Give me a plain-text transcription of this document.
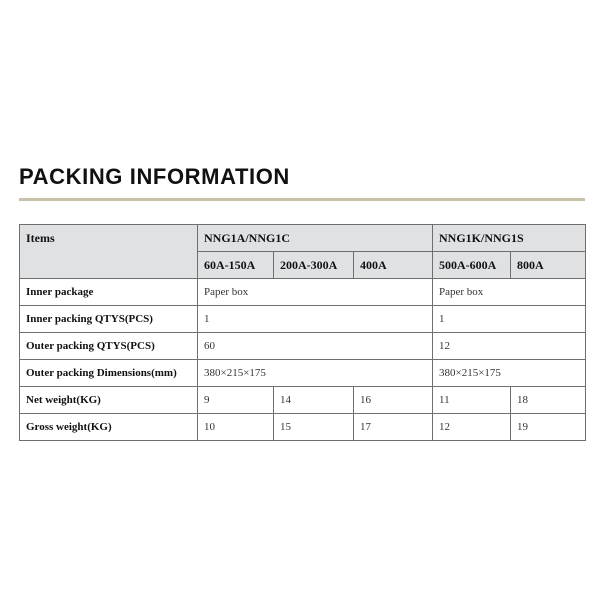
PACKING INFORMATION
Items	NNG1A/NNG1C			NNG1K/NNG1S	
	60A-150A	200A-300A	400A	500A-600A	800A
Inner package	Paper box			Paper box	
Inner packing QTYS(PCS)	1			1	
Outer packing QTYS(PCS)	60			12	
Outer packing Dimensions(mm)	380×215×175			380×215×175	
Net weight(KG)	9	14	16	11	18
Gross weight(KG)	10	15	17	12	19
